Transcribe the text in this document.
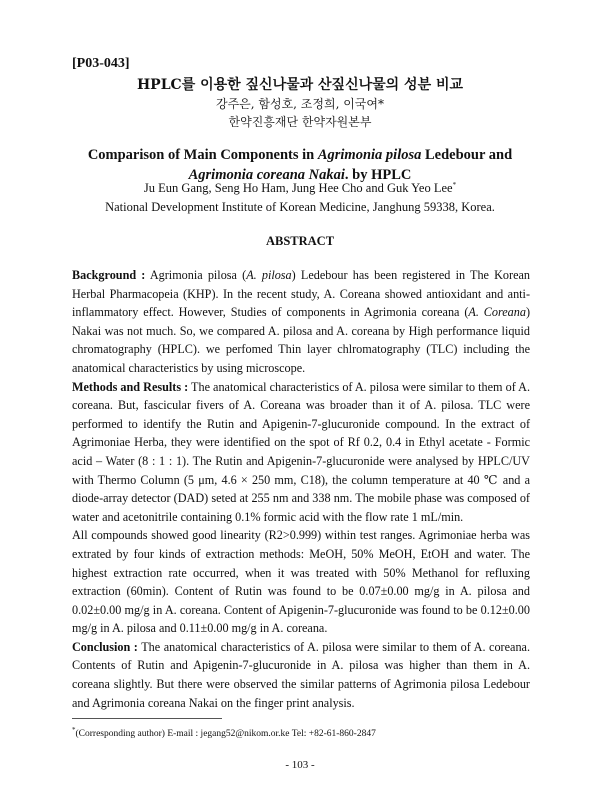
[P03-043]
HPLC를 이용한 짚신나물과 산짚신나물의 성분 비교
강주은, 함성호, 조정희, 이국여*
한약진흥재단 한약자원본부
Comparison of Main Components in Agrimonia pilosa Ledebour and Agrimonia coreana Nakai. by HPLC
Ju Eun Gang, Seng Ho Ham, Jung Hee Cho and Guk Yeo Lee*
National Development Institute of Korean Medicine, Janghung 59338, Korea.
ABSTRACT

Background : Agrimonia pilosa (A. pilosa) Ledebour has been registered in The Korean Herbal Pharmacopeia (KHP). In the recent study, A. Coreana showed antioxidant and anti-inflammatory effect. However, Studies of components in Agrimonia coreana (A. Coreana) Nakai was not much. So, we compared A. pilosa and A. coreana by High performance liquid chromatography (HPLC). we perfomed Thin layer chlromatography (TLC) including the anatomical characteristics by using microscope.

Methods and Results : The anatomical characteristics of A. pilosa were similar to them of A. coreana. But, fascicular fivers of A. Coreana was broader than it of A. pilosa. TLC were performed to identify the Rutin and Apigenin-7-glucuronide compound. In the extract of Agrimoniae Herba, they were identified on the spot of Rf 0.2, 0.4 in Ethyl acetate - Formic acid – Water (8 : 1 : 1). The Rutin and Apigenin-7-glucuronide were analysed by HPLC/UV with Thermo Column (5 μm, 4.6 × 250 mm, C18), the column temperature at 40 ℃ and a diode-array detector (DAD) seted at 255 nm and 338 nm. The mobile phase was composed of water and acetonitrile containing 0.1% formic acid with the flow rate 1 mL/min.

All compounds showed good linearity (R2>0.999) within test ranges. Agrimoniae herba was extrated by four kinds of extraction methods: MeOH, 50% MeOH, EtOH and water. The highest extraction rate occurred, when it was treated with 50% Methanol for refluxing extraction (60min). Content of Rutin was found to be 0.07±0.00 mg/g in A. pilosa and 0.02±0.00 mg/g in A. coreana. Content of Apigenin-7-glucuronide was found to be 0.12±0.00 mg/g in A. pilosa and 0.11±0.00 mg/g in A. coreana.

Conclusion : The anatomical characteristics of A. pilosa were similar to them of A. coreana. Contents of Rutin and Apigenin-7-glucuronide in A. pilosa was higher than them in A. coreana slightly. But there were observed the similar patterns of Agrimonia pilosa Ledebour and Agrimonia coreana Nakai on the finger print analysis.

*(Corresponding author) E-mail : jegang52@nikom.or.ke Tel: +82-61-860-2847
- 103 -
